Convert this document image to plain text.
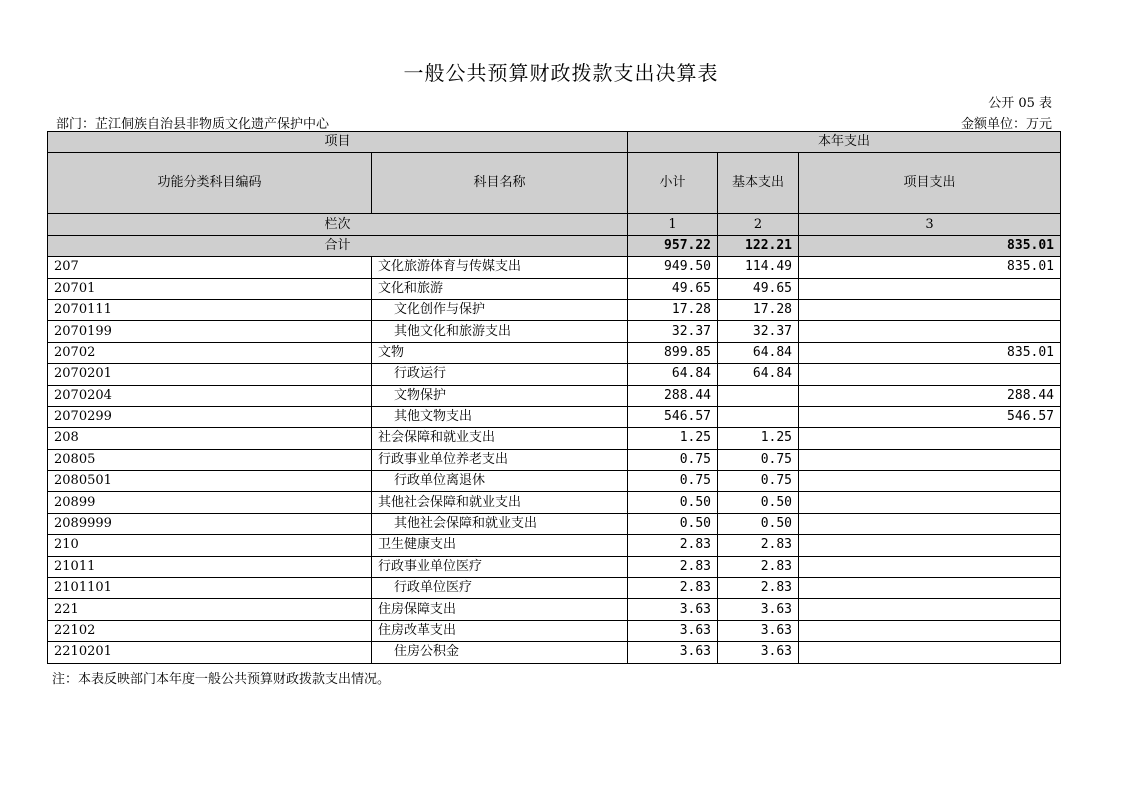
一般公共预算财政拨款支出决算表
公开 05 表
部门：芷江侗族自治县非物质文化遗产保护中心	金额单位：万元
项目		本年支出		
功能分类科目编码	科目名称	小计	基本支出	项目支出
栏次		1	2	3
合计		957.22	122.21	835.01
207	文化旅游体育与传媒支出	949.50	114.49	835.01
20701	文化和旅游	49.65	49.65	
2070111	文化创作与保护	17.28	17.28	
2070199	其他文化和旅游支出	32.37	32.37	
20702	文物	899.85	64.84	835.01
2070201	行政运行	64.84	64.84	
2070204	文物保护	288.44		288.44
2070299	其他文物支出	546.57		546.57
208	社会保障和就业支出	1.25	1.25	
20805	行政事业单位养老支出	0.75	0.75	
2080501	行政单位离退休	0.75	0.75	
20899	其他社会保障和就业支出	0.50	0.50	
2089999	其他社会保障和就业支出	0.50	0.50	
210	卫生健康支出	2.83	2.83	
21011	行政事业单位医疗	2.83	2.83	
2101101	行政单位医疗	2.83	2.83	
221	住房保障支出	3.63	3.63	
22102	住房改革支出	3.63	3.63	
2210201	住房公积金	3.63	3.63	
注：本表反映部门本年度一般公共预算财政拨款支出情况。
